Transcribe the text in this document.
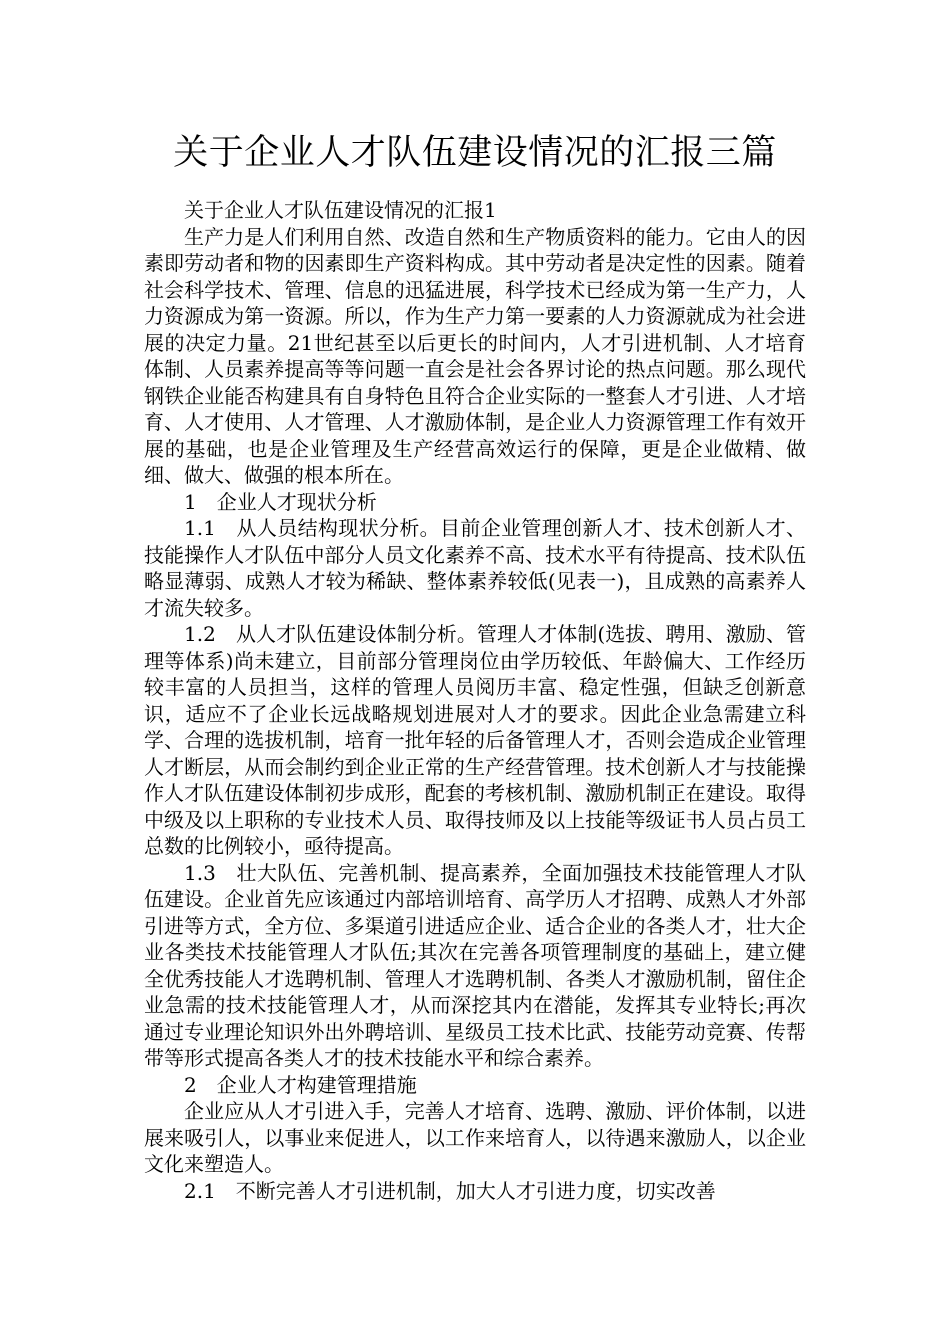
关于企业人才队伍建设情况的汇报三篇

关于企业人才队伍建设情况的汇报1

生产力是人们利用自然、改造自然和生产物质资料的能力。它由人的因素即劳动者和物的因素即生产资料构成。其中劳动者是决定性的因素。随着社会科学技术、管理、信息的迅猛进展，科学技术已经成为第一生产力，人力资源成为第一资源。所以，作为生产力第一要素的人力资源就成为社会进展的决定力量。21世纪甚至以后更长的时间内，人才引进机制、人才培育体制、人员素养提高等等问题一直会是社会各界讨论的热点问题。那么现代钢铁企业能否构建具有自身特色且符合企业实际的一整套人才引进、人才培育、人才使用、人才管理、人才激励体制，是企业人力资源管理工作有效开展的基础，也是企业管理及生产经营高效运行的保障，更是企业做精、做细、做大、做强的根本所在。

1　企业人才现状分析

1.1　从人员结构现状分析。目前企业管理创新人才、技术创新人才、技能操作人才队伍中部分人员文化素养不高、技术水平有待提高、技术队伍略显薄弱、成熟人才较为稀缺、整体素养较低(见表一)，且成熟的高素养人才流失较多。

1.2　从人才队伍建设体制分析。管理人才体制(选拔、聘用、激励、管理等体系)尚未建立，目前部分管理岗位由学历较低、年龄偏大、工作经历较丰富的人员担当，这样的管理人员阅历丰富、稳定性强，但缺乏创新意识，适应不了企业长远战略规划进展对人才的要求。因此企业急需建立科学、合理的选拔机制，培育一批年轻的后备管理人才，否则会造成企业管理人才断层，从而会制约到企业正常的生产经营管理。技术创新人才与技能操作人才队伍建设体制初步成形，配套的考核机制、激励机制正在建设。取得中级及以上职称的专业技术人员、取得技师及以上技能等级证书人员占员工总数的比例较小，亟待提高。

1.3　壮大队伍、完善机制、提高素养，全面加强技术技能管理人才队伍建设。企业首先应该通过内部培训培育、高学历人才招聘、成熟人才外部引进等方式，全方位、多渠道引进适应企业、适合企业的各类人才，壮大企业各类技术技能管理人才队伍;其次在完善各项管理制度的基础上，建立健全优秀技能人才选聘机制、管理人才选聘机制、各类人才激励机制，留住企业急需的技术技能管理人才，从而深挖其内在潜能，发挥其专业特长;再次通过专业理论知识外出外聘培训、星级员工技术比武、技能劳动竞赛、传帮带等形式提高各类人才的技术技能水平和综合素养。

2　企业人才构建管理措施

企业应从人才引进入手，完善人才培育、选聘、激励、评价体制，以进展来吸引人，以事业来促进人，以工作来培育人，以待遇来激励人，以企业文化来塑造人。

2.1　不断完善人才引进机制，加大人才引进力度，切实改善
